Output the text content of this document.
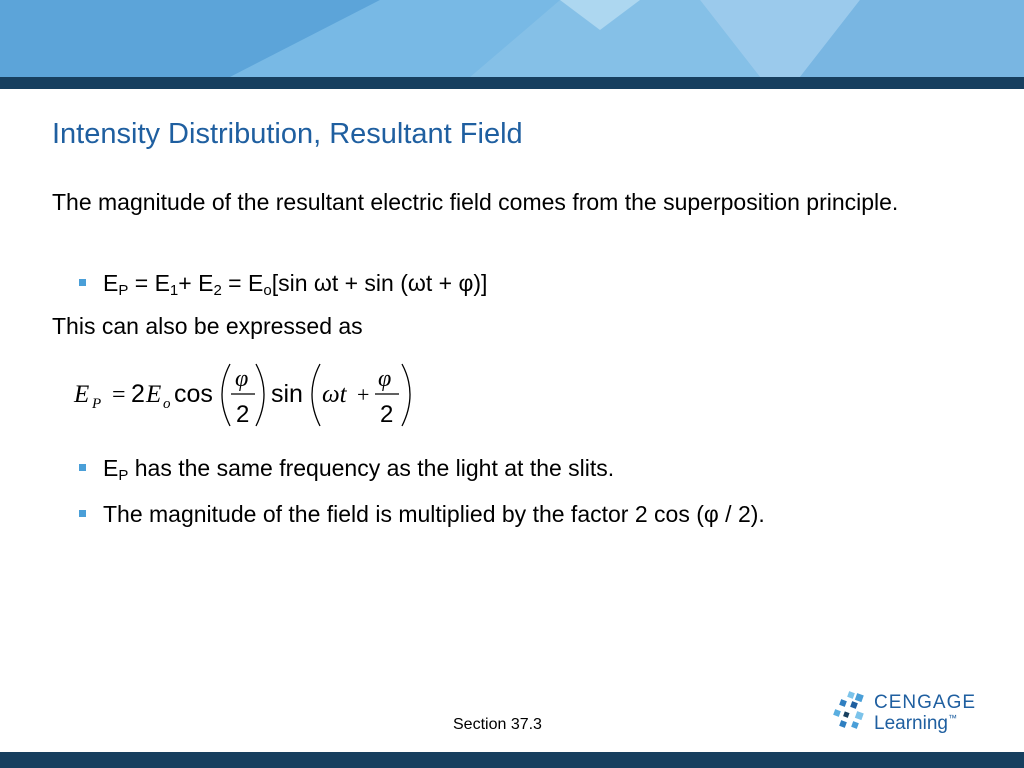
Intensity Distribution, Resultant Field
The magnitude of the resultant electric field comes from the superposition principle.
$E_P = E_1+ E_2 = E_o[\sin$ ωt + sin (ωt + φ)]
This can also be expressed as
E P = 2 E o cos
φ
2
sin ωt +
φ
2
$E_P$ has the same frequency as the light at the slits.
The magnitude of the field is multiplied by the factor 2 cos (φ / 2).
Section 37.3
CENGAGE
Learning™
